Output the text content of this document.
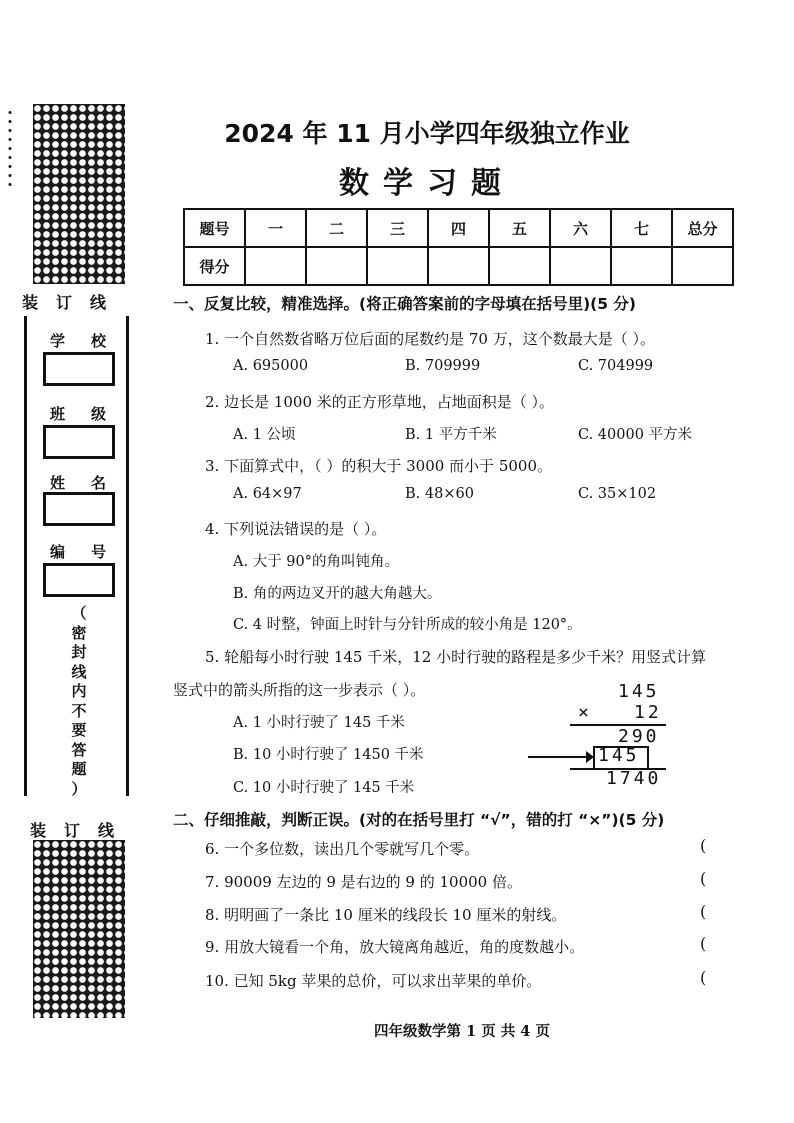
装订线
学校
班级
姓名
编号
（
密
封
线
内
不
要
答
题
）
装订线
2024 年 11 月小学四年级独立作业
数学习题
题号	一	二	三	四	五	六	七	总分
得分								
一、反复比较，精准选择。(将正确答案前的字母填在括号里)(5 分)
1. 一个自然数省略万位后面的尾数约是 70 万，这个数最大是（ ）。
A. 695000	B. 709999	C. 704999
2. 边长是 1000 米的正方形草地，占地面积是（ ）。
A. 1 公顷	B. 1 平方千米	C. 40000 平方米
3. 下面算式中，（ ）的积大于 3000 而小于 5000。
A. 64×97	B. 48×60	C. 35×102
4. 下列说法错误的是（ ）。
A. 大于 90°的角叫钝角。
B. 角的两边叉开的越大角越大。
C. 4 时整，钟面上时针与分针所成的较小角是 120°。
5. 轮船每小时行驶 145 千米，12 小时行驶的路程是多少千米？用竖式计算
竖式中的箭头所指的这一步表示（ ）。
A. 1 小时行驶了 145 千米
B. 10 小时行驶了 1450 千米
C. 10 小时行驶了 145 千米
145
× 12
290
145
1740
二、仔细推敲，判断正误。(对的在括号里打 “√”，错的打 “×”)(5 分)
6. 一个多位数，读出几个零就写几个零。	(
7. 90009 左边的 9 是右边的 9 的 10000 倍。	(
8. 明明画了一条比 10 厘米的线段长 10 厘米的射线。	(
9. 用放大镜看一个角，放大镜离角越近，角的度数越小。	(
10. 已知 5kg 苹果的总价，可以求出苹果的单价。	(
四年级数学第 1 页 共 4 页
